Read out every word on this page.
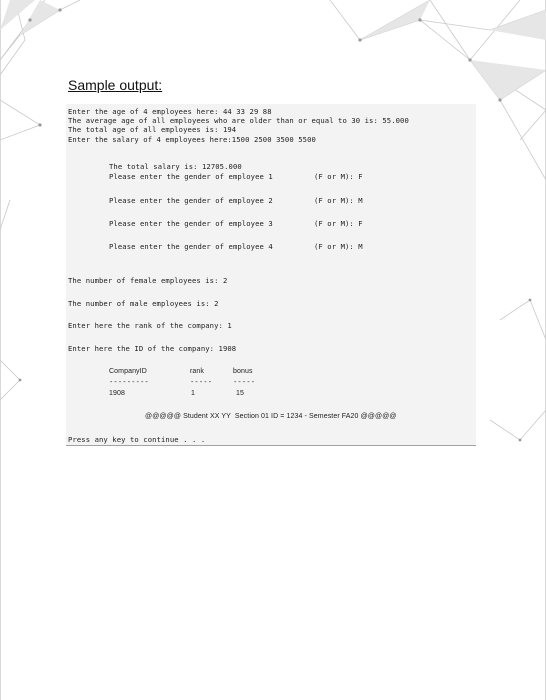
Sample output:
Enter the age of 4 employees here: 44 33 29 88
The average age of all employees who are older than or equal to 30 is: 55.000
The total age of all employees is: 194
Enter the salary of 4 employees here:1500 2500 3500 5500
The total salary is: 12705.000
Please enter the gender of employee 1	(F or M): F
Please enter the gender of employee 2	(F or M): M
Please enter the gender of employee 3	(F or M): F
Please enter the gender of employee 4	(F or M): M
The number of female employees is: 2
The number of male employees is: 2
Enter here the rank of the company: 1
Enter here the ID of the company: 1908
CompanyID	rank	bonus
---------	-----	-----
1908	1	15
@@@@@ Student XX YY  Section 01 ID = 1234 - Semester FA20 @@@@@
Press any key to continue . . .
